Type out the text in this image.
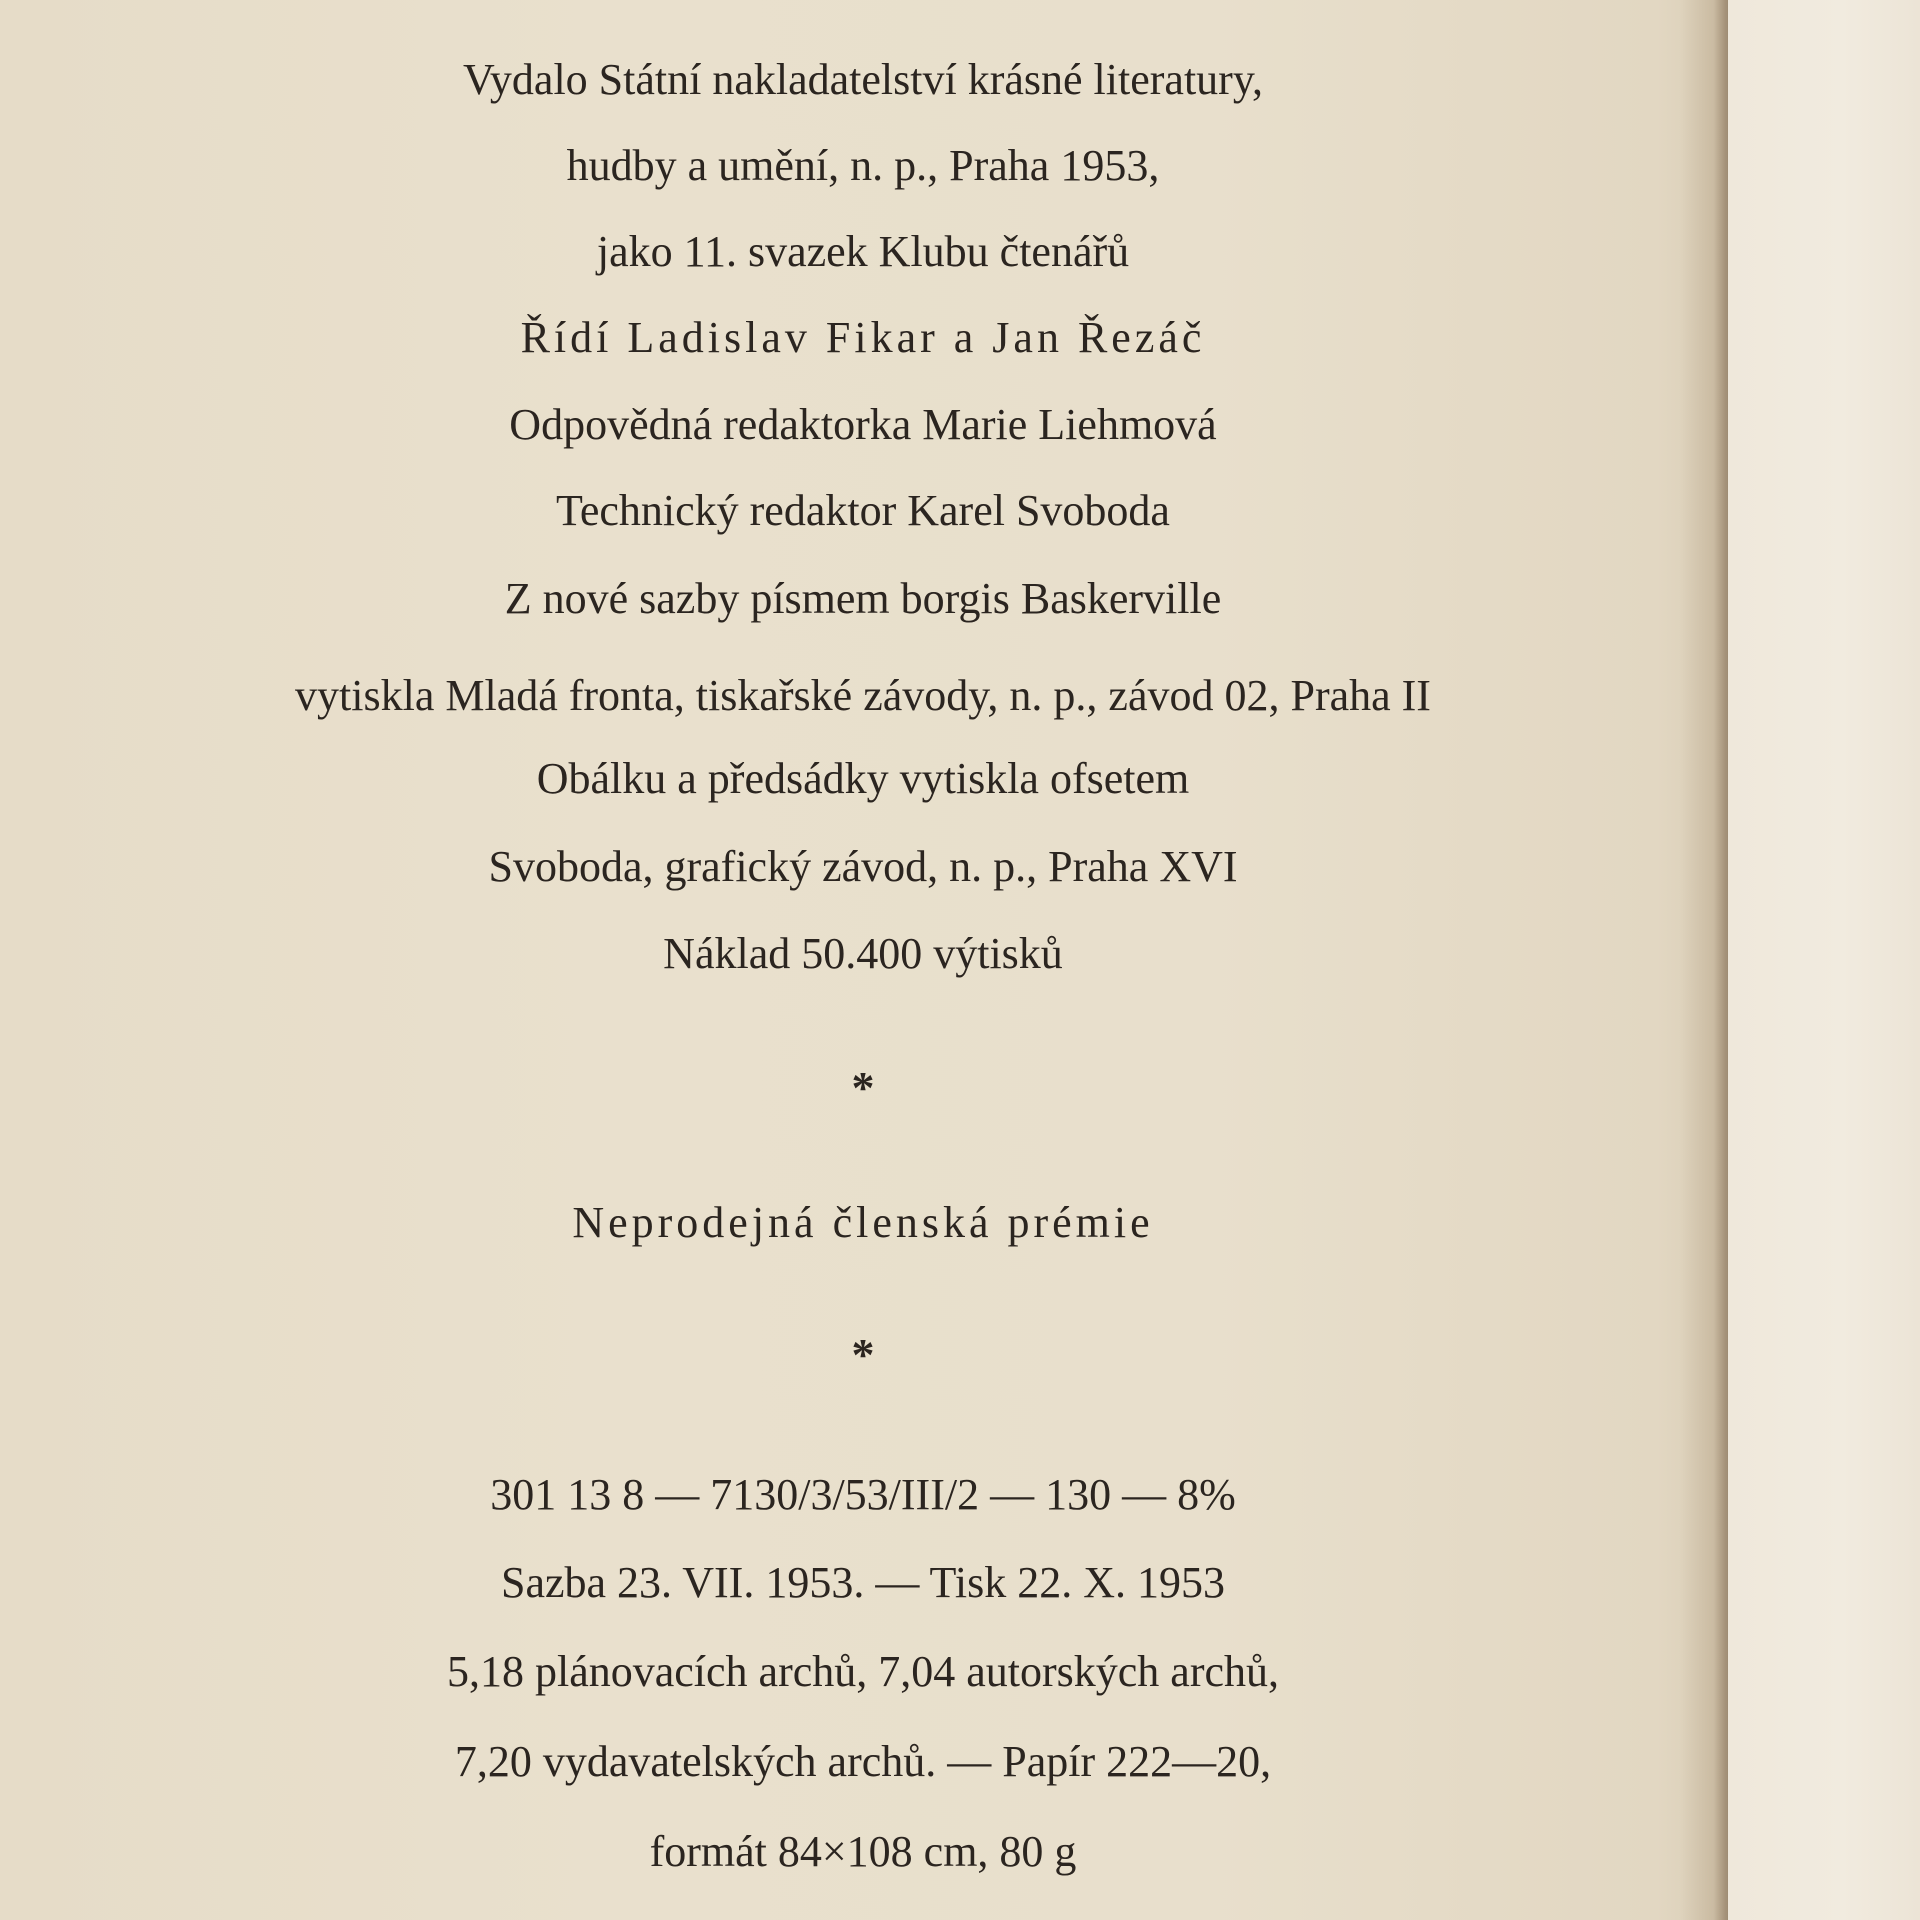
Vydalo Státní nakladatelství krásné literatury,
hudby a umění, n. p., Praha 1953,
jako 11. svazek Klubu čtenářů
Řídí Ladislav Fikar a Jan Řezáč
Odpovědná redaktorka Marie Liehmová
Technický redaktor Karel Svoboda
Z nové sazby písmem borgis Baskerville
vytiskla Mladá fronta, tiskařské závody, n. p., závod 02, Praha II
Obálku a předsádky vytiskla ofsetem
Svoboda, grafický závod, n. p., Praha XVI
Náklad 50.400 výtisků
*
Neprodejná členská prémie
*
301 13 8 — 7130/3/53/III/2 — 130 — 8%
Sazba 23. VII. 1953. — Tisk 22. X. 1953
5,18 plánovacích archů, 7,04 autorských archů,
7,20 vydavatelských archů. — Papír 222—20,
formát 84×108 cm, 80 g
